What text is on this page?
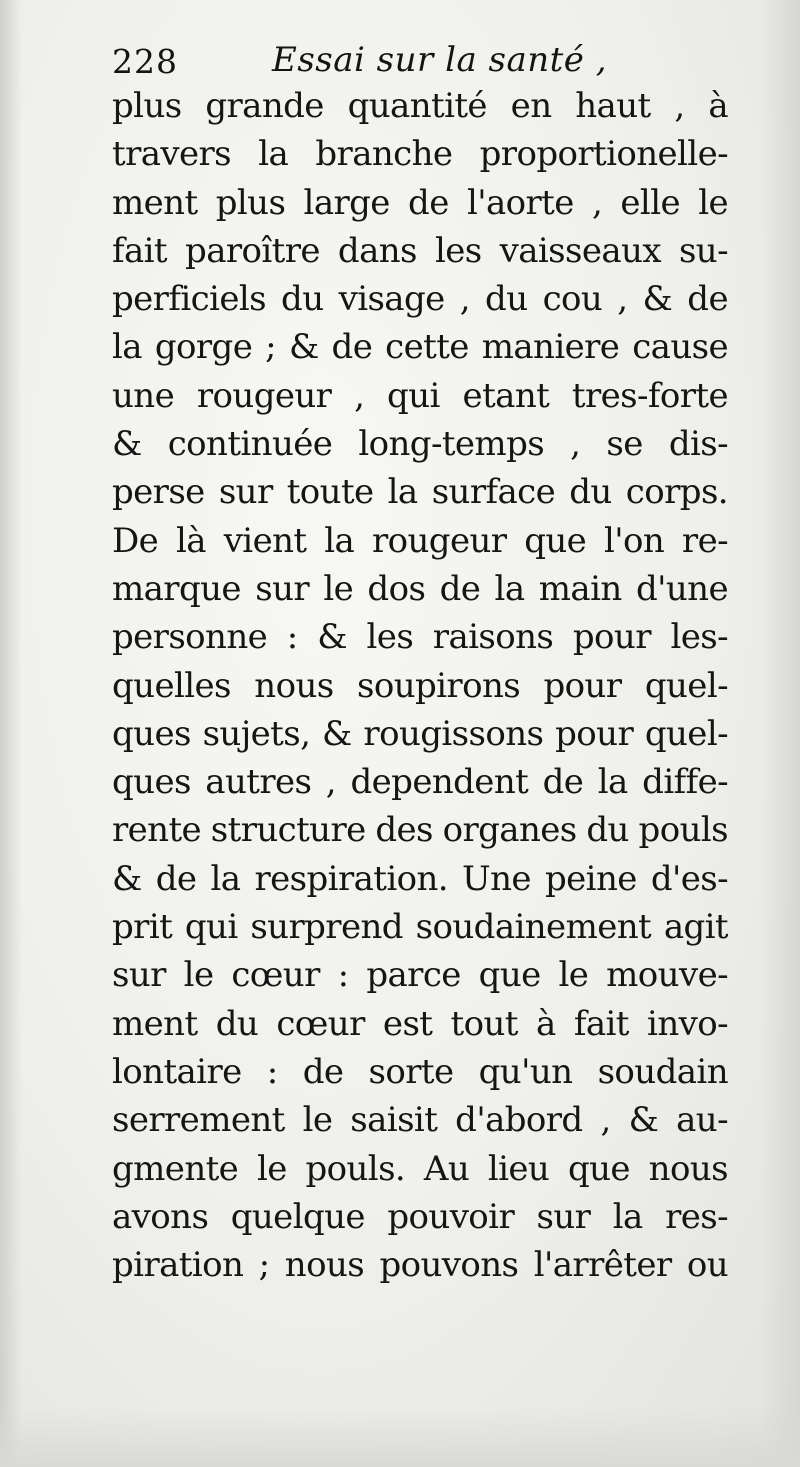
228	Essai sur la santé ,
plus grande quantité en haut , à
travers la branche proportionelle-
ment plus large de l'aorte , elle le
fait paroître dans les vaisseaux su-
perficiels du visage , du cou , & de
la gorge ; & de cette maniere cause
une rougeur , qui etant tres-forte
& continuée long-temps , se dis-
perse sur toute la surface du corps.
De là vient la rougeur que l'on re-
marque sur le dos de la main d'une
personne : & les raisons pour les-
quelles nous soupirons pour quel-
ques sujets, & rougissons pour quel-
ques autres , dependent de la diffe-
rente structure des organes du pouls
& de la respiration. Une peine d'es-
prit qui surprend soudainement agit
sur le cœur : parce que le mouve-
ment du cœur est tout à fait invo-
lontaire : de sorte qu'un soudain
serrement le saisit d'abord , & au-
gmente le pouls. Au lieu que nous
avons quelque pouvoir sur la res-
piration ; nous pouvons l'arrêter ou
